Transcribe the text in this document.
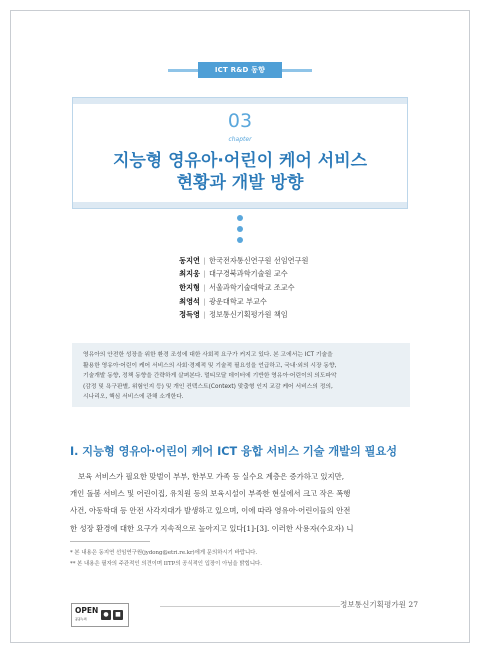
ICT R&D 동향
03
chapter
지능형 영유아·어린이 케어 서비스
현황과 개발 방향
동지연 | 한국전자통신연구원 선임연구원
최지웅 | 대구경북과학기술원 교수
한지형 | 서울과학기술대학교 조교수
최영석 | 광운대학교 부교수
정득영 | 정보통신기획평가원 책임
영유아의 안전한 성장을 위한 환경 조성에 대한 사회적 요구가 커지고 있다. 본 고에서는 ICT 기술을
활용한 영유아·어린이 케어 서비스의 사회·경제적 및 기술적 필요성을 언급하고, 국내·외의 시장 동향,
기술개발 동향, 정책 동향을 간략하게 살펴본다. 멀티모달 데이터에 기반한 영유아·어린이의 의도파악
(감정 및 욕구판별, 위험인지 등) 및 개인 컨텍스트(Context) 맞춤형 인지 교감 케어 서비스의 정의,
시나리오, 핵심 서비스에 관해 소개한다.
I. 지능형 영유아·어린이 케어 ICT 융합 서비스 기술 개발의 필요성
보육 서비스가 필요한 맞벌이 부부, 한부모 가족 등 실수요 계층은 증가하고 있지만,
개인 돌봄 서비스 및 어린이집, 유치원 등의 보육시설이 부족한 현실에서 크고 작은 폭행
사건, 아동학대 등 안전 사각지대가 발생하고 있으며, 이에 따라 영유아·어린이들의 안전
한 성장 환경에 대한 요구가 지속적으로 높아지고 있다[1]-[3]. 이러한 사용자(수요자) 니
* 본 내용은 동지연 선임연구원(jydong@etri.re.kr)에게 문의하시기 바랍니다.
** 본 내용은 필자의 주관적인 의견이며 IITP의 공식적인 입장이 아님을 밝힙니다.
OPEN
공공누리
●	■
정보통신기획평가원 27
